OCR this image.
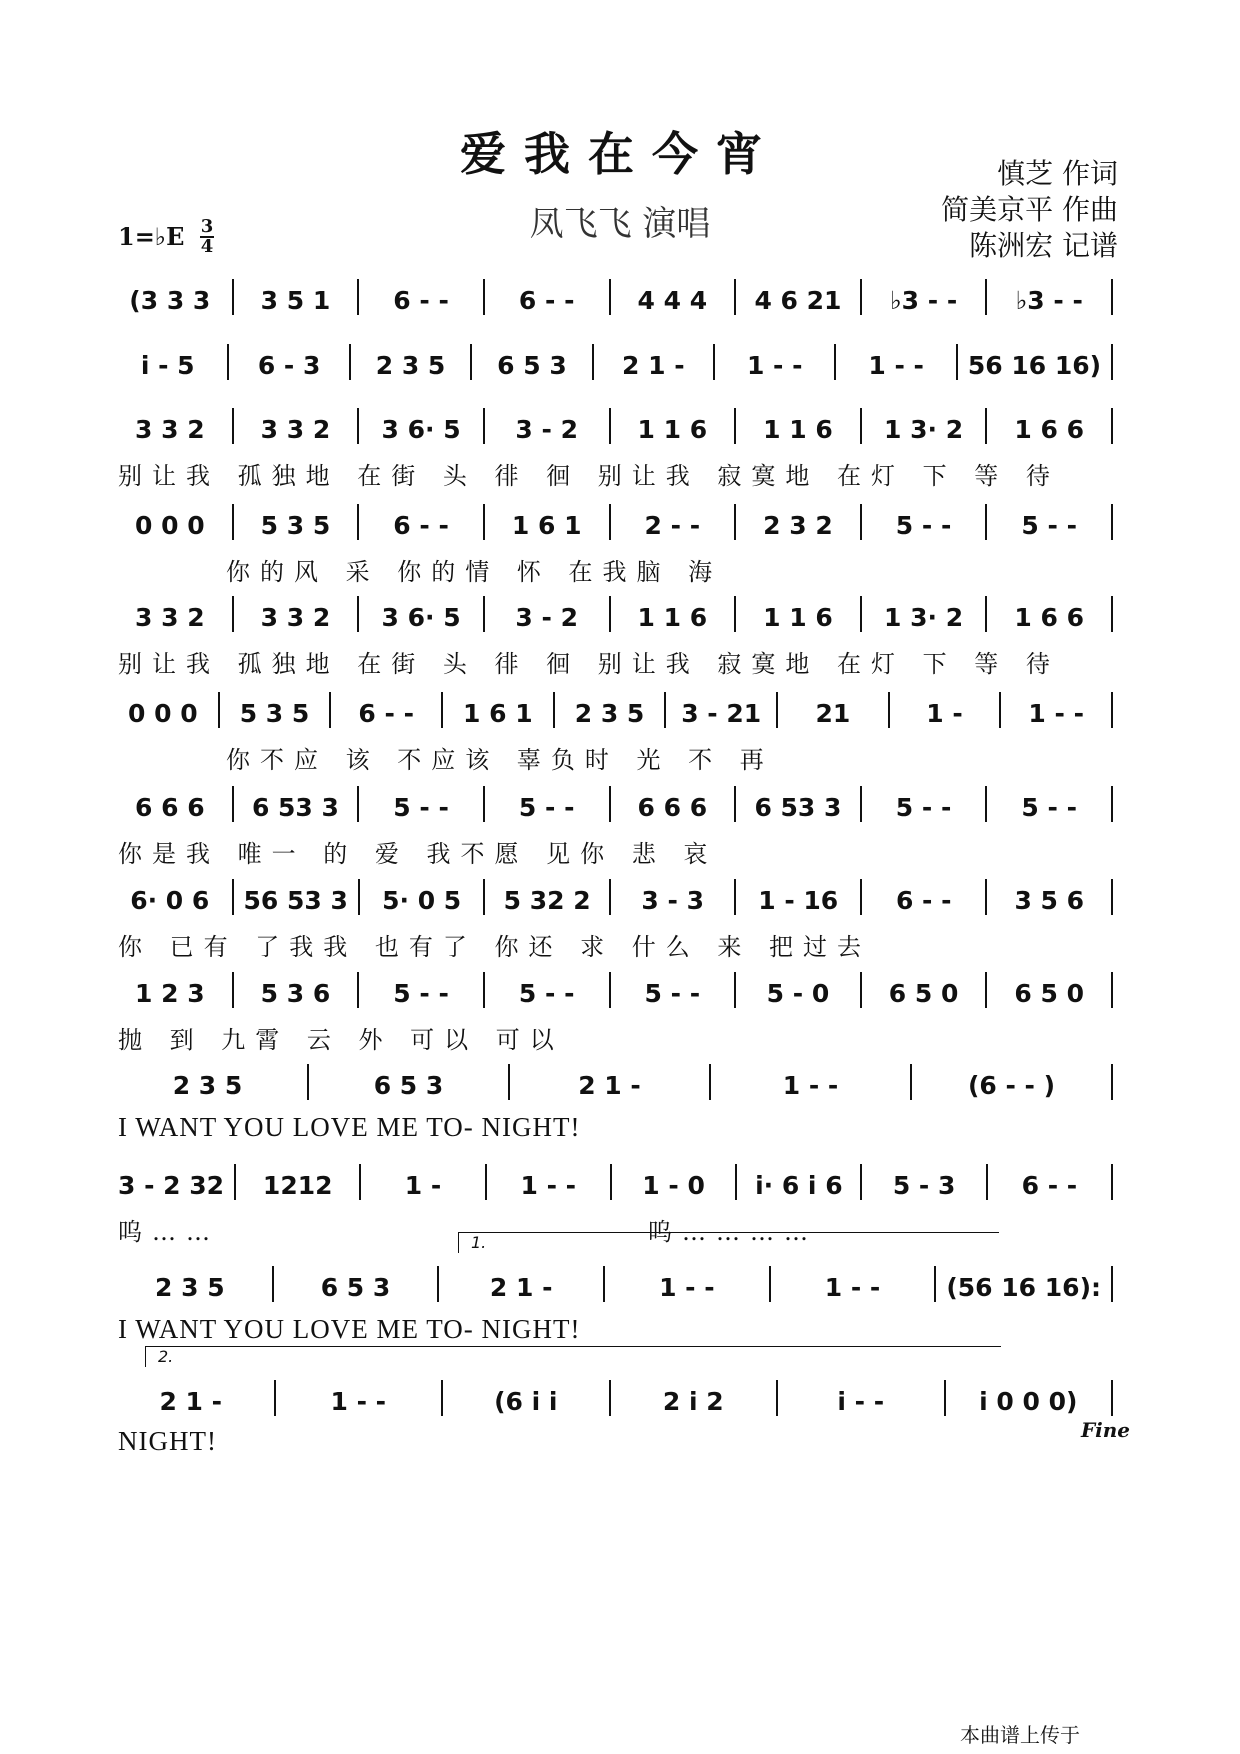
爱我在今宵
凤飞飞 演唱
慎芝 作词
简美京平 作曲
陈洲宏 记谱
1=♭E 3
4
(3 3 3	3 5 1	6 - -	6 - -	4 4 4	4 6 21	♭3 - -	♭3 - -
i - 5	6 - 3	2 3 5	6 5 3	2 1 -	1 - -	1 - -	56 16 16)
3 3 2	3 3 2	3 6· 5	3 - 2	1 1 6	1 1 6	1 3· 2	1 6 6
别让我 孤独地 在街 头 徘 徊 别让我 寂寞地 在灯 下 等 待
0 0 0	5 3 5	6 - -	1 6 1	2 - -	2 3 2	5 - -	5 - -
你的风 采 你的情 怀 在我脑 海
3 3 2	3 3 2	3 6· 5	3 - 2	1 1 6	1 1 6	1 3· 2	1 6 6
别让我 孤独地 在街 头 徘 徊 别让我 寂寞地 在灯 下 等 待
0 0 0	5 3 5	6 - -	1 6 1	2 3 5	3 - 21	21	1 -	1 - -
你不应 该 不应该 辜负时 光 不 再
6 6 6	6 53 3	5 - -	5 - -	6 6 6	6 53 3	5 - -	5 - -
你是我 唯一 的 爱 我不愿 见你 悲 哀
6· 0 6	56 53 3	5· 0 5	5 32 2	3 - 3	1 - 16	6 - -	3 5 6
你 已有 了我我 也有了 你还 求 什么 来 把过去
1 2 3	5 3 6	5 - -	5 - -	5 - -	5 - 0	6 5 0	6 5 0
抛 到 九霄 云 外 可以 可以
2 3 5	6 5 3	2 1 -	1 - -	(6 - - )
I WANT YOU LOVE ME TO- NIGHT!
3 - 2 32	1212	1 -	1 - -	1 - 0	i· 6 i 6	5 - 3	6 - -
呜……	呜…………
1.
2 3 5	6 5 3	2 1 -	1 - -	1 - -	(56 16 16):
I WANT YOU LOVE ME TO- NIGHT!
2.
2 1 -	1 - -	(6 i i	2 i 2	i - -	i 0 0 0)
NIGHT!	Fine
本曲谱上传于
